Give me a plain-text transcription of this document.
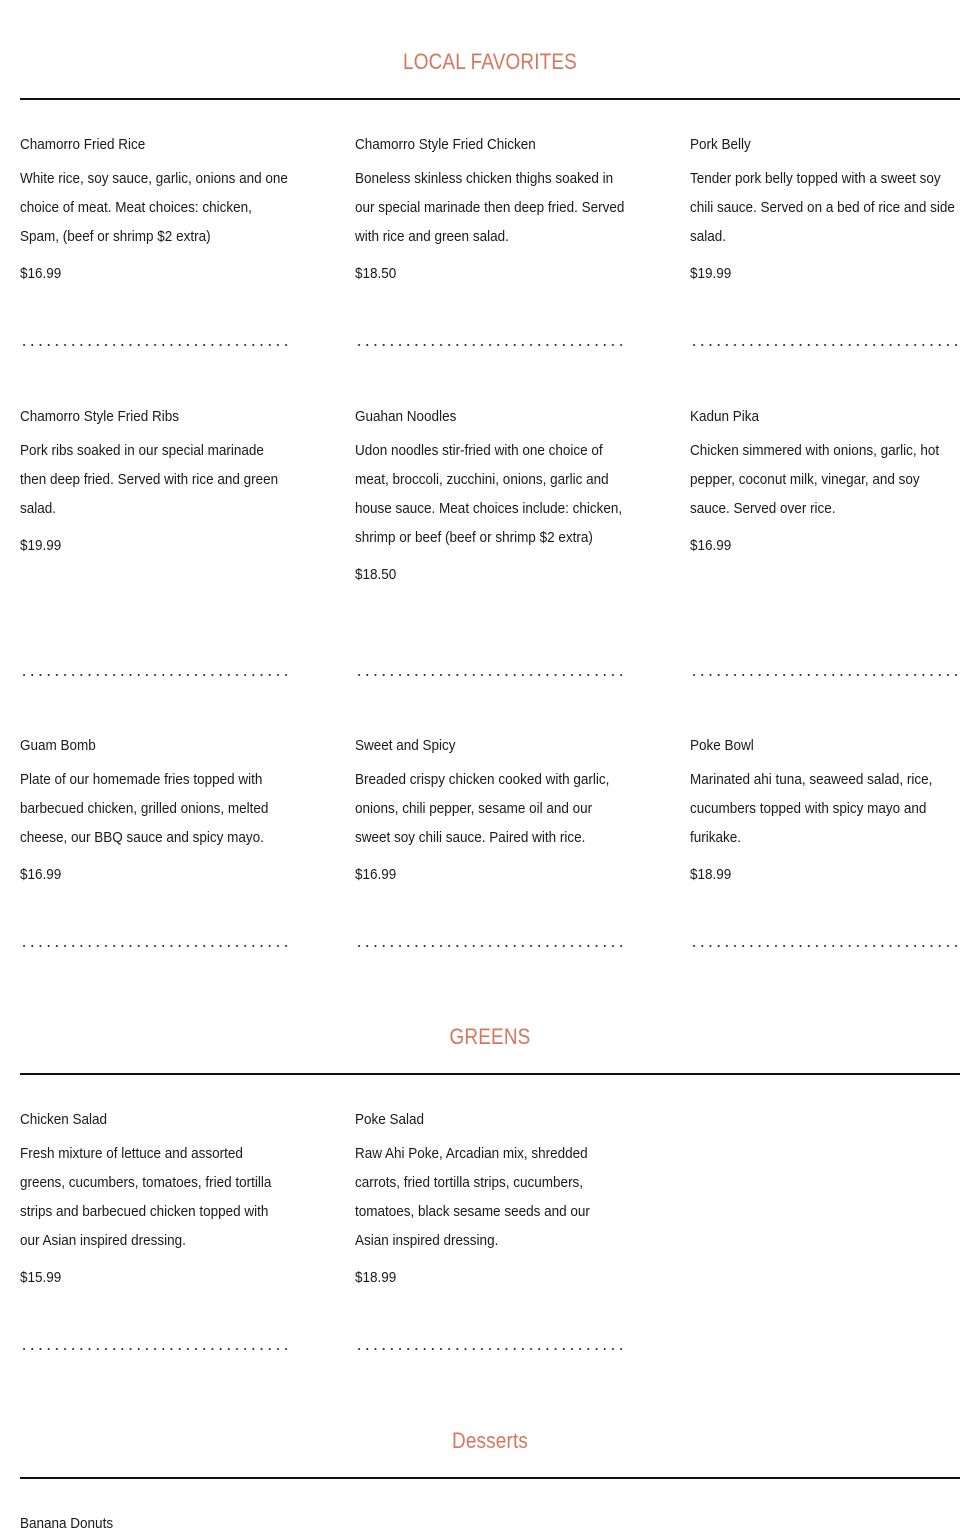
LOCAL FAVORITES
Chamorro Fried Rice
White rice, soy sauce, garlic, onions and one choice of meat. Meat choices: chicken, Spam, (beef or shrimp $2 extra)
$16.99
Chamorro Style Fried Chicken
Boneless skinless chicken thighs soaked in our special marinade then deep fried. Served with rice and green salad.
$18.50
Pork Belly
Tender pork belly topped with a sweet soy chili sauce. Served on a bed of rice and side salad.
$19.99
Chamorro Style Fried Ribs
Pork ribs soaked in our special marinade then deep fried. Served with rice and green salad.
$19.99
Guahan Noodles
Udon noodles stir-fried with one choice of meat, broccoli, zucchini, onions, garlic and house sauce. Meat choices include: chicken, shrimp or beef (beef or shrimp $2 extra)
$18.50
Kadun Pika
Chicken simmered with onions, garlic, hot pepper, coconut milk, vinegar, and soy sauce. Served over rice.
$16.99
Guam Bomb
Plate of our homemade fries topped with barbecued chicken, grilled onions, melted cheese, our BBQ sauce and spicy mayo.
$16.99
Sweet and Spicy
Breaded crispy chicken cooked with garlic, onions, chili pepper, sesame oil and our sweet soy chili sauce. Paired with rice.
$16.99
Poke Bowl
Marinated ahi tuna, seaweed salad, rice, cucumbers topped with spicy mayo and furikake.
$18.99
GREENS
Chicken Salad
Fresh mixture of lettuce and assorted greens, cucumbers, tomatoes, fried tortilla strips and barbecued chicken topped with our Asian inspired dressing.
$15.99
Poke Salad
Raw Ahi Poke, Arcadian mix, shredded carrots, fried tortilla strips, cucumbers, tomatoes, black sesame seeds and our Asian inspired dressing.
$18.99
Desserts
Banana Donuts
